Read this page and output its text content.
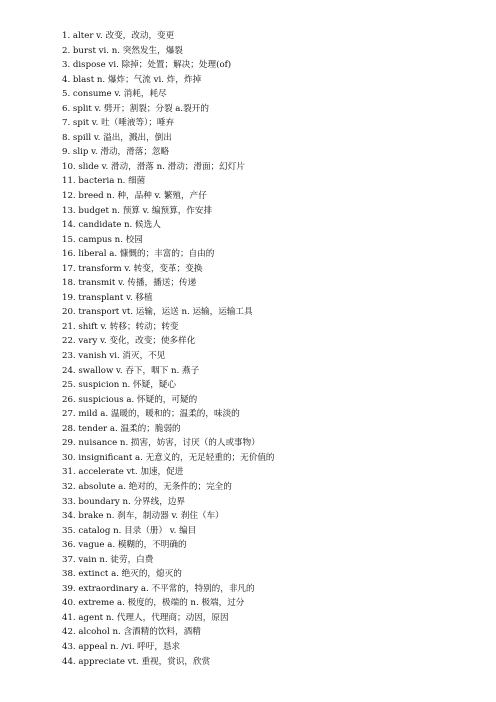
1. alter v. 改变，改动，变更
2. burst vi. n. 突然发生，爆裂
3. dispose vi. 除掉；处置；解决；处理(of)
4. blast n. 爆炸；气流 vi. 炸，炸掉
5. consume v. 消耗，耗尽
6. split v. 劈开；割裂；分裂 a.裂开的
7. spit v. 吐（唾液等）；唾弃
8. spill v. 溢出，溅出，倒出
9. slip v. 滑动，滑落；忽略
10. slide v. 滑动，滑落 n. 滑动；滑面；幻灯片
11. bacteria n. 细菌
12. breed n. 种，品种 v. 繁殖，产仔
13. budget n. 预算 v. 编预算，作安排
14. candidate n. 候选人
15. campus n. 校园
16. liberal a. 慷慨的；丰富的；自由的
17. transform v. 转变，变革；变换
18. transmit v. 传播，播送；传递
19. transplant v. 移植
20. transport vt. 运输，运送 n. 运输，运输工具
21. shift v. 转移；转动；转变
22. vary v. 变化，改变；使多样化
23. vanish vi. 消灭，不见
24. swallow v. 吞下，咽下 n. 燕子
25. suspicion n. 怀疑，疑心
26. suspicious a. 怀疑的，可疑的
27. mild a. 温暖的，暖和的；温柔的，味淡的
28. tender a. 温柔的；脆弱的
29. nuisance n. 损害，妨害，讨厌（的人或事物）
30. insignificant a. 无意义的，无足轻重的；无价值的
31. accelerate vt. 加速，促进
32. absolute a. 绝对的，无条件的；完全的
33. boundary n. 分界线，边界
34. brake n. 刹车，制动器 v. 刹住（车）
35. catalog n. 目录（册） v. 编目
36. vague a. 模糊的，不明确的
37. vain n. 徒劳，白费
38. extinct a. 绝灭的，熄灭的
39. extraordinary a. 不平常的，特别的，非凡的
40. extreme a. 极度的，极端的 n. 极端，过分
41. agent n. 代理人，代理商；动因，原因
42. alcohol n. 含酒精的饮料，酒精
43. appeal n. /vi. 呼吁，恳求
44. appreciate vt. 重视，赏识，欣赏
